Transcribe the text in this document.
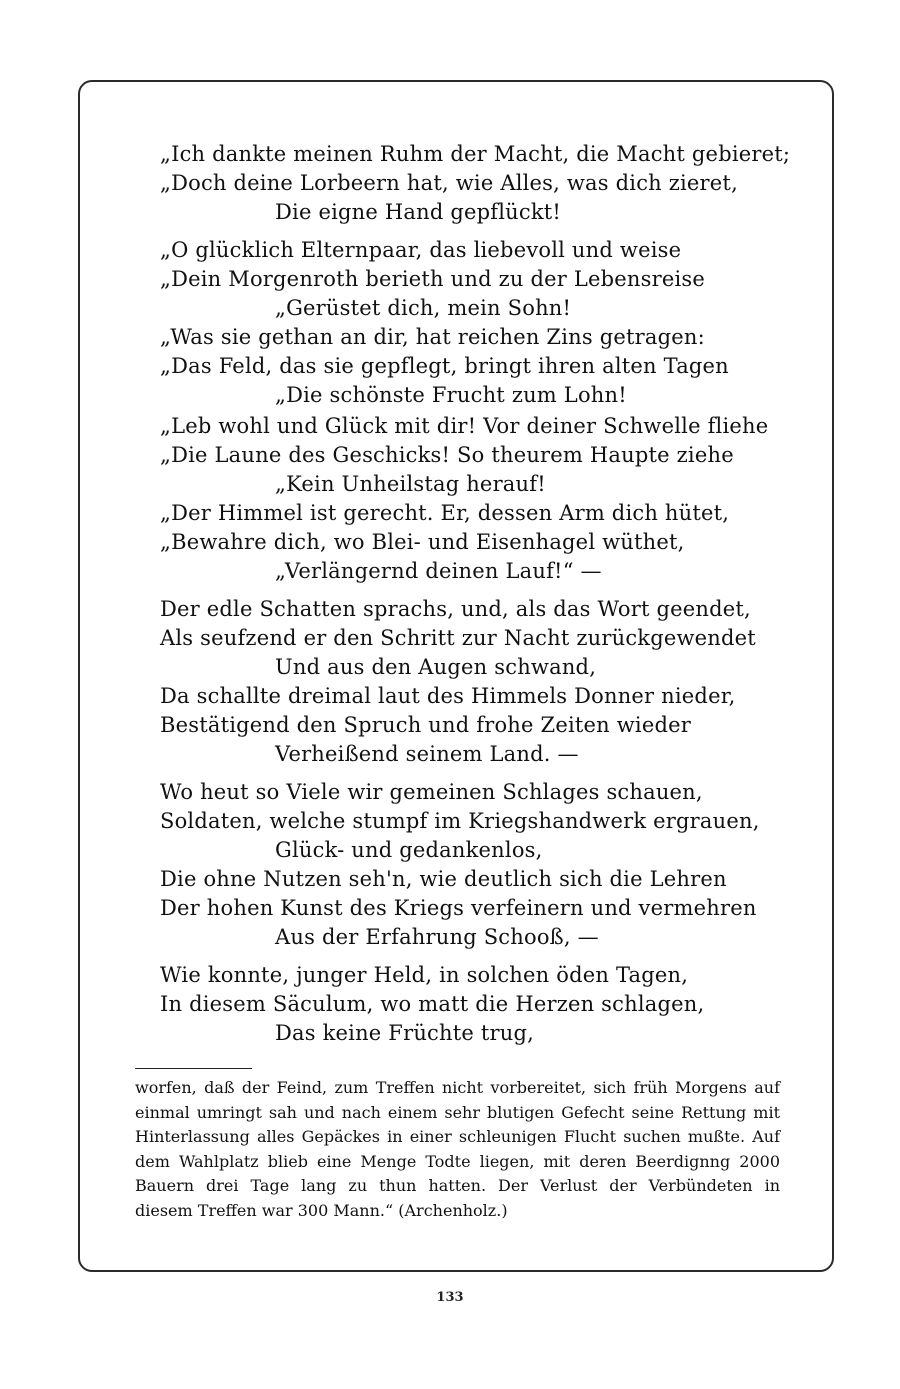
„Ich dankte meinen Ruhm der Macht, die Macht gebieret;
„Doch deine Lorbeern hat, wie Alles, was dich zieret,
Die eigne Hand gepflückt!
„O glücklich Elternpaar, das liebevoll und weise
„Dein Morgenroth berieth und zu der Lebensreise
„Gerüstet dich, mein Sohn!
„Was sie gethan an dir, hat reichen Zins getragen:
„Das Feld, das sie gepflegt, bringt ihren alten Tagen
„Die schönste Frucht zum Lohn!
„Leb wohl und Glück mit dir! Vor deiner Schwelle fliehe
„Die Laune des Geschicks! So theurem Haupte ziehe
„Kein Unheilstag herauf!
„Der Himmel ist gerecht. Er, dessen Arm dich hütet,
„Bewahre dich, wo Blei- und Eisenhagel wüthet,
„Verlängernd deinen Lauf!“ —
Der edle Schatten sprachs, und, als das Wort geendet,
Als seufzend er den Schritt zur Nacht zurückgewendet
Und aus den Augen schwand,
Da schallte dreimal laut des Himmels Donner nieder,
Bestätigend den Spruch und frohe Zeiten wieder
Verheißend seinem Land. —
Wo heut so Viele wir gemeinen Schlages schauen,
Soldaten, welche stumpf im Kriegshandwerk ergrauen,
Glück- und gedankenlos,
Die ohne Nutzen seh'n, wie deutlich sich die Lehren
Der hohen Kunst des Kriegs verfeinern und vermehren
Aus der Erfahrung Schooß, —
Wie konnte, junger Held, in solchen öden Tagen,
In diesem Säculum, wo matt die Herzen schlagen,
Das keine Früchte trug,
worfen, daß der Feind, zum Treffen nicht vorbereitet, sich früh Morgens auf
einmal umringt sah und nach einem sehr blutigen Gefecht seine Rettung mit
Hinterlassung alles Gepäckes in einer schleunigen Flucht suchen mußte. Auf
dem Wahlplatz blieb eine Menge Todte liegen, mit deren Beerdignng 2000
Bauern drei Tage lang zu thun hatten. Der Verlust der Verbündeten in
diesem Treffen war 300 Mann.“ (Archenholz.)
133
